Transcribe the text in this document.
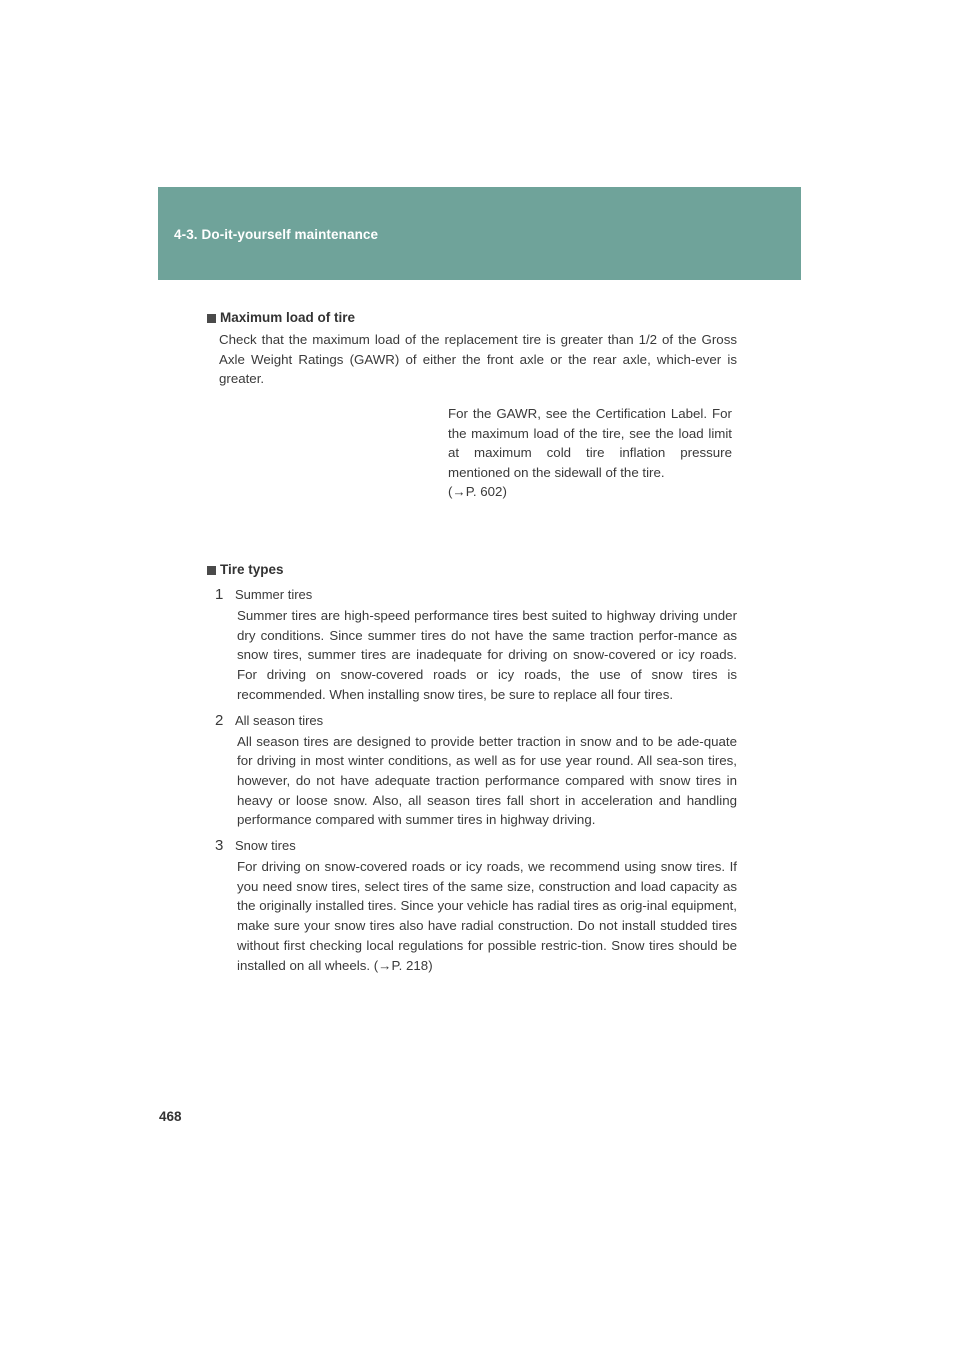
4-3. Do-it-yourself maintenance
Maximum load of tire
Check that the maximum load of the replacement tire is greater than 1/2 of the Gross Axle Weight Ratings (GAWR) of either the front axle or the rear axle, which-ever is greater.
For the GAWR, see the Certification Label. For the maximum load of the tire, see the load limit at maximum cold tire inflation pressure mentioned on the sidewall of the tire.
(→P. 602)
Tire types
1 Summer tires
Summer tires are high-speed performance tires best suited to highway driving under dry conditions. Since summer tires do not have the same traction perfor-mance as snow tires, summer tires are inadequate for driving on snow-covered or icy roads. For driving on snow-covered roads or icy roads, the use of snow tires is recommended. When installing snow tires, be sure to replace all four tires.
2 All season tires
All season tires are designed to provide better traction in snow and to be ade-quate for driving in most winter conditions, as well as for use year round. All sea-son tires, however, do not have adequate traction performance compared with snow tires in heavy or loose snow. Also, all season tires fall short in acceleration and handling performance compared with summer tires in highway driving.
3 Snow tires
For driving on snow-covered roads or icy roads, we recommend using snow tires. If you need snow tires, select tires of the same size, construction and load capacity as the originally installed tires. Since your vehicle has radial tires as orig-inal equipment, make sure your snow tires also have radial construction. Do not install studded tires without first checking local regulations for possible restric-tion. Snow tires should be installed on all wheels. (→P. 218)
468
